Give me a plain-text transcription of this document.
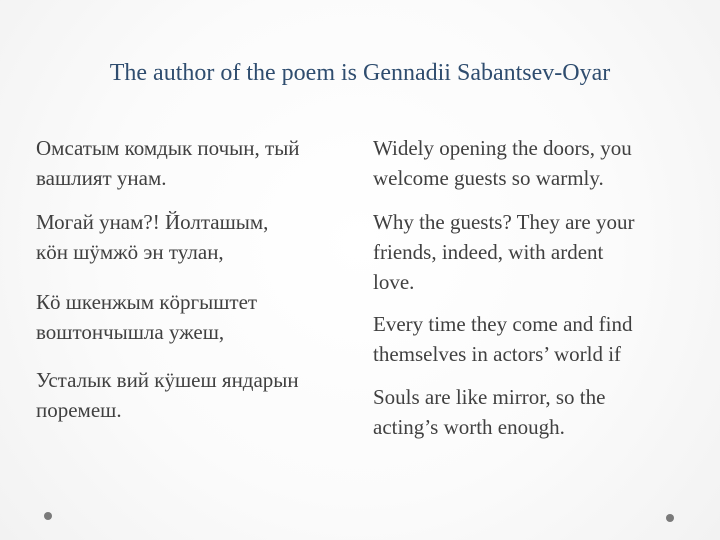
The author of the poem is Gennadii Sabantsev-Oyar

Омсатым комдык почын, тый
вашлият унам.

Могай унам?! Йолташым,
кӧн шӱмжӧ эн тулан,

Кӧ шкенжым кӧргыштет
воштончышла ужеш,

Усталык вий кӱшеш яндарын
поремеш.

Widely opening the doors, you
welcome guests so warmly.

Why the guests? They are your
friends, indeed, with ardent
love.

Every time they come and find
themselves in actors’ world if

Souls are like mirror, so the
acting’s worth enough.
